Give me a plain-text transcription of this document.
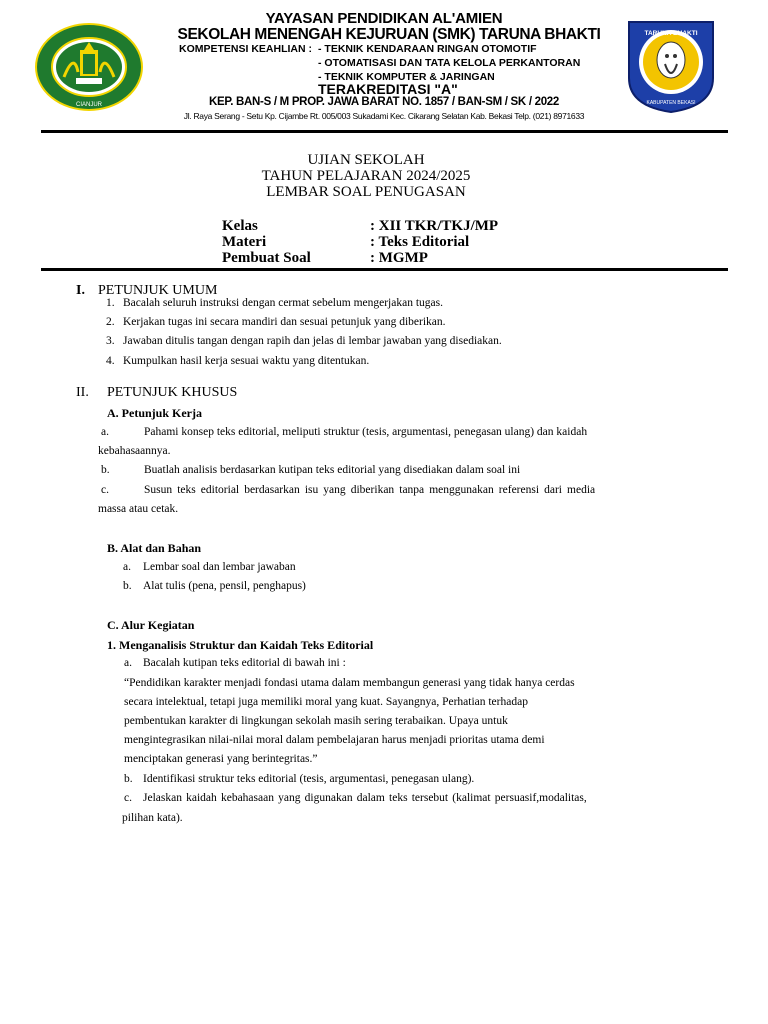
CIANJUR
TARUNA BHAKTI
KABUPATEN BEKASI
YAYASAN PENDIDIKAN AL'AMIEN
SEKOLAH MENENGAH KEJURUAN (SMK) TARUNA BHAKTI
KOMPETENSI KEAHLIAN : - TEKNIK KENDARAAN RINGAN OTOMOTIF
- OTOMATISASI DAN TATA KELOLA PERKANTORAN
- TEKNIK KOMPUTER & JARINGAN
TERAKREDITASI "A"
KEP. BAN-S / M PROP. JAWA BARAT NO. 1857 / BAN-SM / SK / 2022
Jl. Raya Serang - Setu Kp. Cijambe Rt. 005/003 Sukadami Kec. Cikarang Selatan Kab. Bekasi Telp. (021) 8971633
UJIAN SEKOLAH
TAHUN PELAJARAN 2024/2025
LEMBAR SOAL PENUGASAN
Kelas	: XII TKR/TKJ/MP
Materi	: Teks Editorial
Pembuat Soal	: MGMP
I. PETUNJUK UMUM
1. Bacalah seluruh instruksi dengan cermat sebelum mengerjakan tugas.
2. Kerjakan tugas ini secara mandiri dan sesuai petunjuk yang diberikan.
3. Jawaban ditulis tangan dengan rapih dan jelas di lembar jawaban yang disediakan.
4. Kumpulkan hasil kerja sesuai waktu yang ditentukan.
II. PETUNJUK KHUSUS
A. Petunjuk Kerja
a.	Pahami konsep teks editorial, meliputi struktur (tesis, argumentasi, penegasan ulang) dan kaidah
kebahasaannya.
b.	Buatlah analisis berdasarkan kutipan teks editorial yang disediakan dalam soal ini
c.	Susun teks editorial berdasarkan isu yang diberikan tanpa menggunakan referensi dari media
massa atau cetak.
B. Alat dan Bahan
a. Lembar soal dan lembar jawaban
b. Alat tulis (pena, pensil, penghapus)
C. Alur Kegiatan
1. Menganalisis Struktur dan Kaidah Teks Editorial
a. Bacalah kutipan teks editorial di bawah ini :
“Pendidikan karakter menjadi fondasi utama dalam membangun generasi yang tidak hanya cerdas
secara intelektual, tetapi juga memiliki moral yang kuat. Sayangnya, Perhatian terhadap
pembentukan karakter di lingkungan sekolah masih sering terabaikan. Upaya untuk
mengintegrasikan nilai-nilai moral dalam pembelajaran harus menjadi prioritas utama demi
menciptakan generasi yang berintegritas.”
b. Identifikasi struktur teks editorial (tesis, argumentasi, penegasan ulang).
c. Jelaskan kaidah kebahasaan yang digunakan dalam teks tersebut (kalimat persuasif,modalitas,
pilihan kata).
